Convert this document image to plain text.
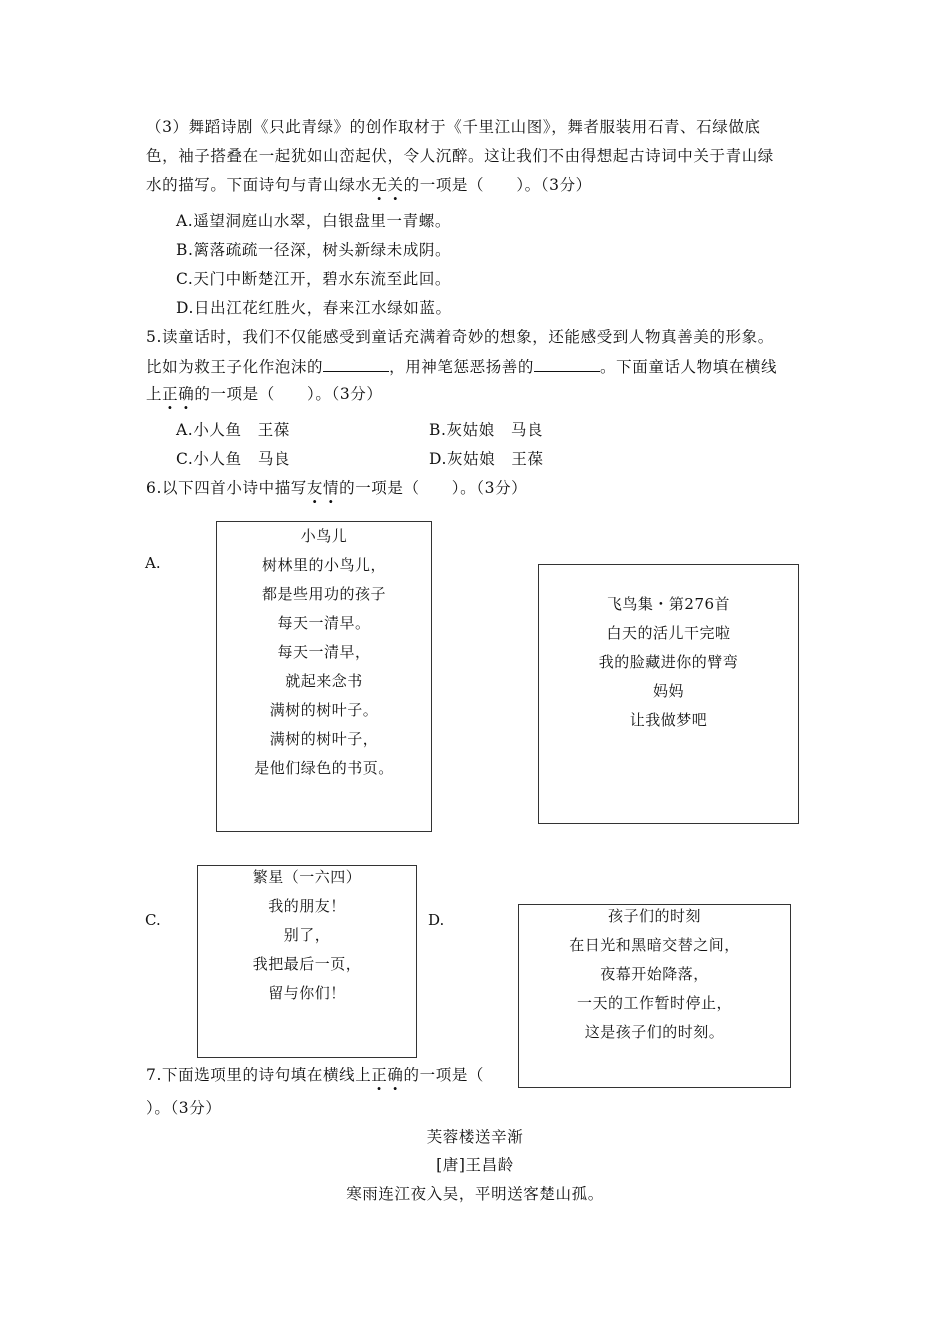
（3）舞蹈诗剧《只此青绿》的创作取材于《千里江山图》，舞者服装用石青、石绿做底
色，袖子搭叠在一起犹如山峦起伏，令人沉醉。这让我们不由得想起古诗词中关于青山绿
水的描写。下面诗句与青山绿水无关的一项是（　　）。（3分）
A.遥望洞庭山水翠，白银盘里一青螺。
B.篱落疏疏一径深，树头新绿未成阴。
C.天门中断楚江开，碧水东流至此回。
D.日出江花红胜火，春来江水绿如蓝。
5.读童话时，我们不仅能感受到童话充满着奇妙的想象，还能感受到人物真善美的形象。
比如为救王子化作泡沫的	，用神笔惩恶扬善的	。下面童话人物填在横线
上正确的一项是（　　）。（3分）
A.小人鱼　王葆	B.灰姑娘　马良
C.小人鱼　马良	D.灰姑娘　王葆
6.以下四首小诗中描写友情的一项是（　　）。（3分）
A.
小鸟儿
树林里的小鸟儿，
都是些用功的孩子
每天一清早。
每天一清早，
就起来念书
满树的树叶子。
满树的树叶子，
是他们绿色的书页。
飞鸟集・第276首
白天的活儿干完啦
我的脸藏进你的臂弯
妈妈
让我做梦吧
C.
繁星（一六四）
我的朋友！
别了，
我把最后一页，
留与你们！
D.	孩子们的时刻
在日光和黑暗交替之间，
夜幕开始降落，
一天的工作暂时停止，
这是孩子们的时刻。
7.下面选项里的诗句填在横线上正确的一项是（
）。（3分）
芙蓉楼送辛渐
[唐]王昌龄
寒雨连江夜入吴，平明送客楚山孤。
